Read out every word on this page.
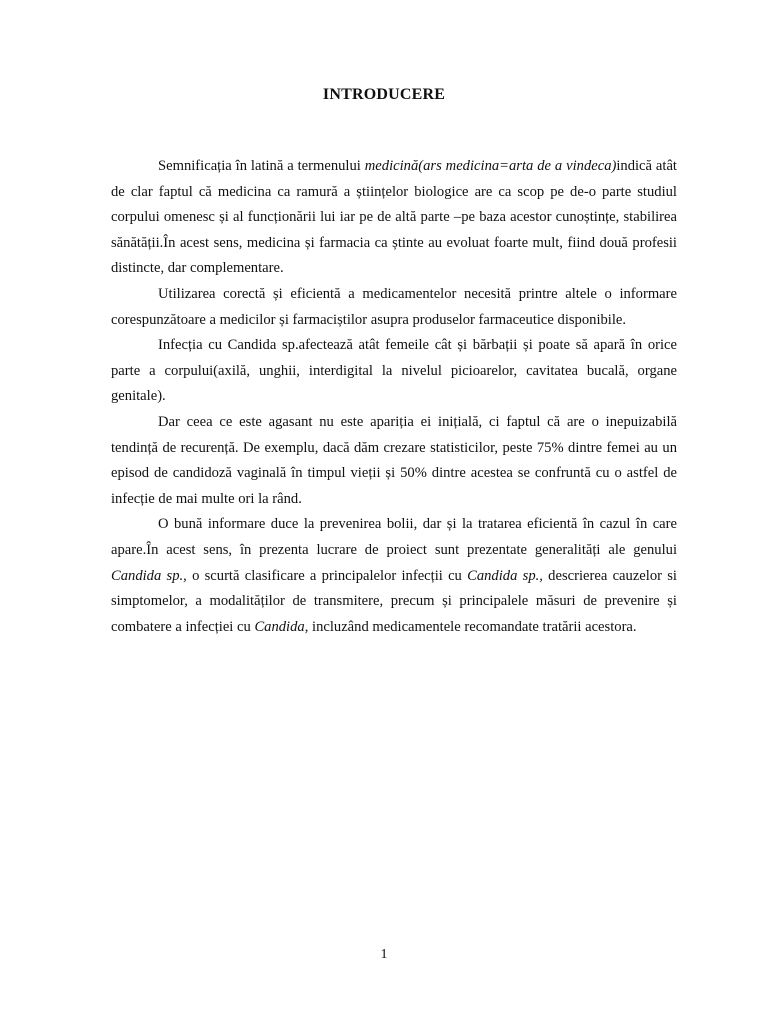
INTRODUCERE

Semnificația în latină a termenului medicină(ars medicina=arta de a vindeca)indică atât de clar faptul că medicina ca ramură a științelor biologice are ca scop pe de-o parte studiul corpului omenesc și al funcționării lui iar pe de altă parte –pe baza acestor cunoștințe, stabilirea sănătății.În acest sens, medicina și farmacia ca știnte au evoluat foarte mult, fiind două profesii distincte, dar complementare.

Utilizarea corectă și eficientă a medicamentelor necesită printre altele o informare corespunzătoare a medicilor și farmaciștilor asupra produselor farmaceutice disponibile.

Infecția cu Candida sp.afectează atât femeile cât și bărbații și poate să apară în orice parte a corpului(axilă, unghii, interdigital la nivelul picioarelor, cavitatea bucală, organe genitale).

Dar ceea ce este agasant nu este apariția ei inițială, ci faptul că are o inepuizabilă tendință de recurență. De exemplu, dacă dăm crezare statisticilor, peste 75% dintre femei au un episod de candidoză vaginală în timpul vieții și 50% dintre acestea se confruntă cu o astfel de infecție de mai multe ori la rând.

O bună informare duce la prevenirea bolii, dar și la tratarea eficientă în cazul în care apare.În acest sens, în prezenta lucrare de proiect sunt prezentate generalități ale genului Candida sp., o scurtă clasificare a principalelor infecții cu Candida sp., descrierea cauzelor si simptomelor, a modalităților de transmitere, precum și principalele măsuri de prevenire și combatere a infecției cu Candida, incluzând medicamentele recomandate tratării acestora.

1
